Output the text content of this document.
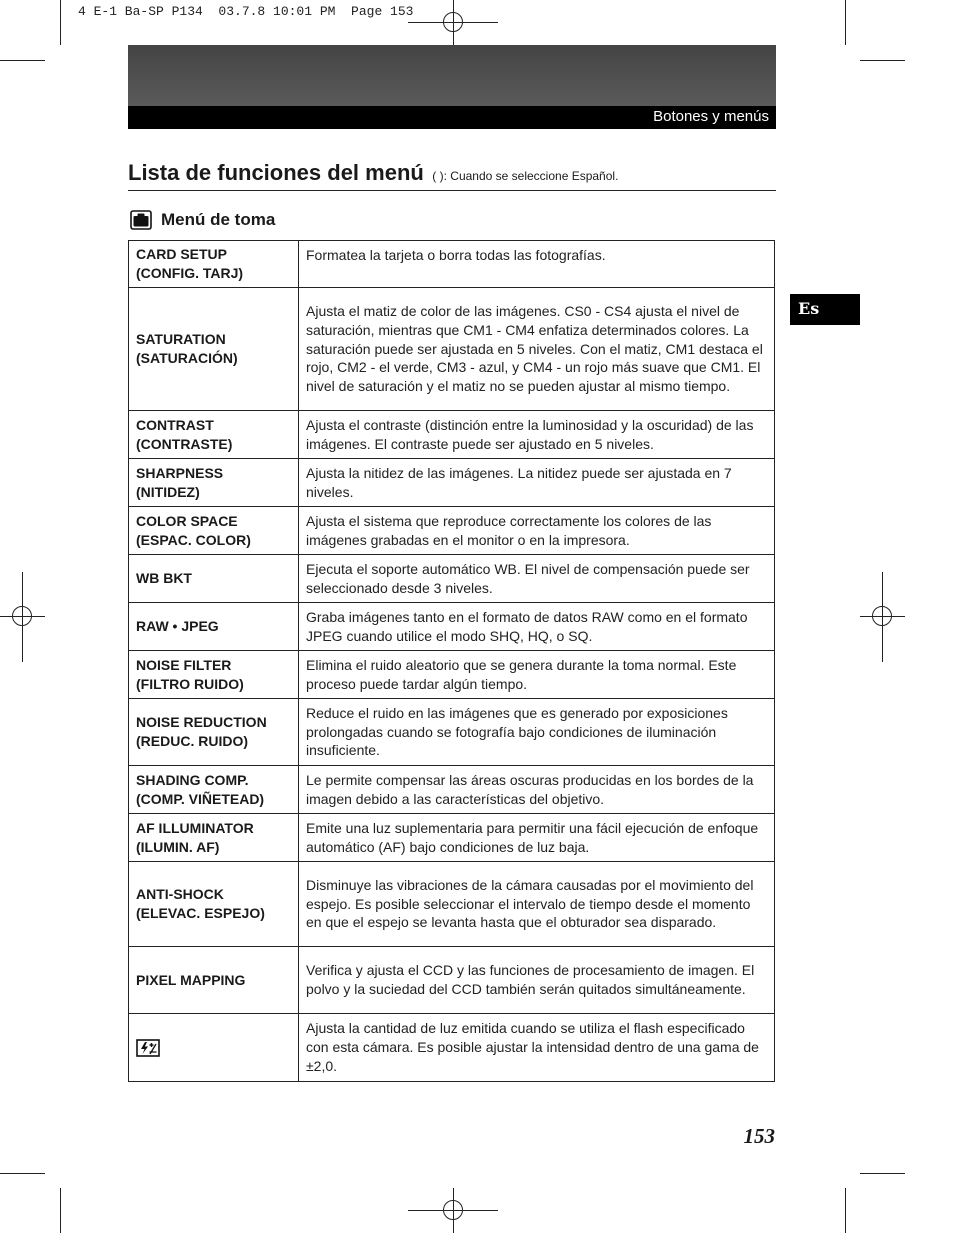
4 E-1 Ba-SP P134  03.7.8 10:01 PM  Page 153
Botones y menús
Lista de funciones del menú ( ): Cuando se seleccione Español.
Menú de toma
Es
CARD SETUP
(CONFIG. TARJ)	Formatea la tarjeta o borra todas las fotografías.

SATURATION
(SATURACIÓN)	Ajusta el matiz de color de las imágenes. CS0 - CS4 ajusta el nivel de saturación, mientras que CM1 - CM4 enfatiza determinados colores. La saturación puede ser ajustada en 5 niveles. Con el matiz, CM1 destaca el rojo, CM2 - el verde, CM3 - azul, y CM4 - un rojo más suave que CM1. El nivel de saturación y el matiz no se pueden ajustar al mismo tiempo.

CONTRAST
(CONTRASTE)	Ajusta el contraste (distinción entre la luminosidad y la oscuridad) de las imágenes. El contraste puede ser ajustado en 5 niveles.

SHARPNESS
(NITIDEZ)	Ajusta la nitidez de las imágenes. La nitidez puede ser ajustada en 7 niveles.

COLOR SPACE
(ESPAC. COLOR)	Ajusta el sistema que reproduce correctamente los colores de las imágenes grabadas en el monitor o en la impresora.

WB BKT	Ejecuta el soporte automático WB. El nivel de compensación puede ser seleccionado desde 3 niveles.

RAW • JPEG	Graba imágenes tanto en el formato de datos RAW como en el formato JPEG cuando utilice el modo SHQ, HQ, o SQ.

NOISE FILTER
(FILTRO RUIDO)	Elimina el ruido aleatorio que se genera durante la toma normal. Este proceso puede tardar algún tiempo.

NOISE REDUCTION
(REDUC. RUIDO)	Reduce el ruido en las imágenes que es generado por exposiciones prolongadas cuando se fotografía bajo condiciones de iluminación insuficiente.

SHADING COMP.
(COMP. VIÑETEAD)	Le permite compensar las áreas oscuras producidas en los bordes de la imagen debido a las características del objetivo.

AF ILLUMINATOR
(ILUMIN. AF)	Emite una luz suplementaria para permitir una fácil ejecución de enfoque automático (AF) bajo condiciones de luz baja.

ANTI-SHOCK
(ELEVAC. ESPEJO)	Disminuye las vibraciones de la cámara causadas por el movimiento del espejo. Es posible seleccionar el intervalo de tiempo desde el momento en que el espejo se levanta hasta que el obturador sea disparado.

PIXEL MAPPING	Verifica y ajusta el CCD y las funciones de procesamiento de imagen. El polvo y la suciedad del CCD también serán quitados simultáneamente.

	Ajusta la cantidad de luz emitida cuando se utiliza el flash especificado con esta cámara. Es posible ajustar la intensidad dentro de una gama de ±2,0.
153
